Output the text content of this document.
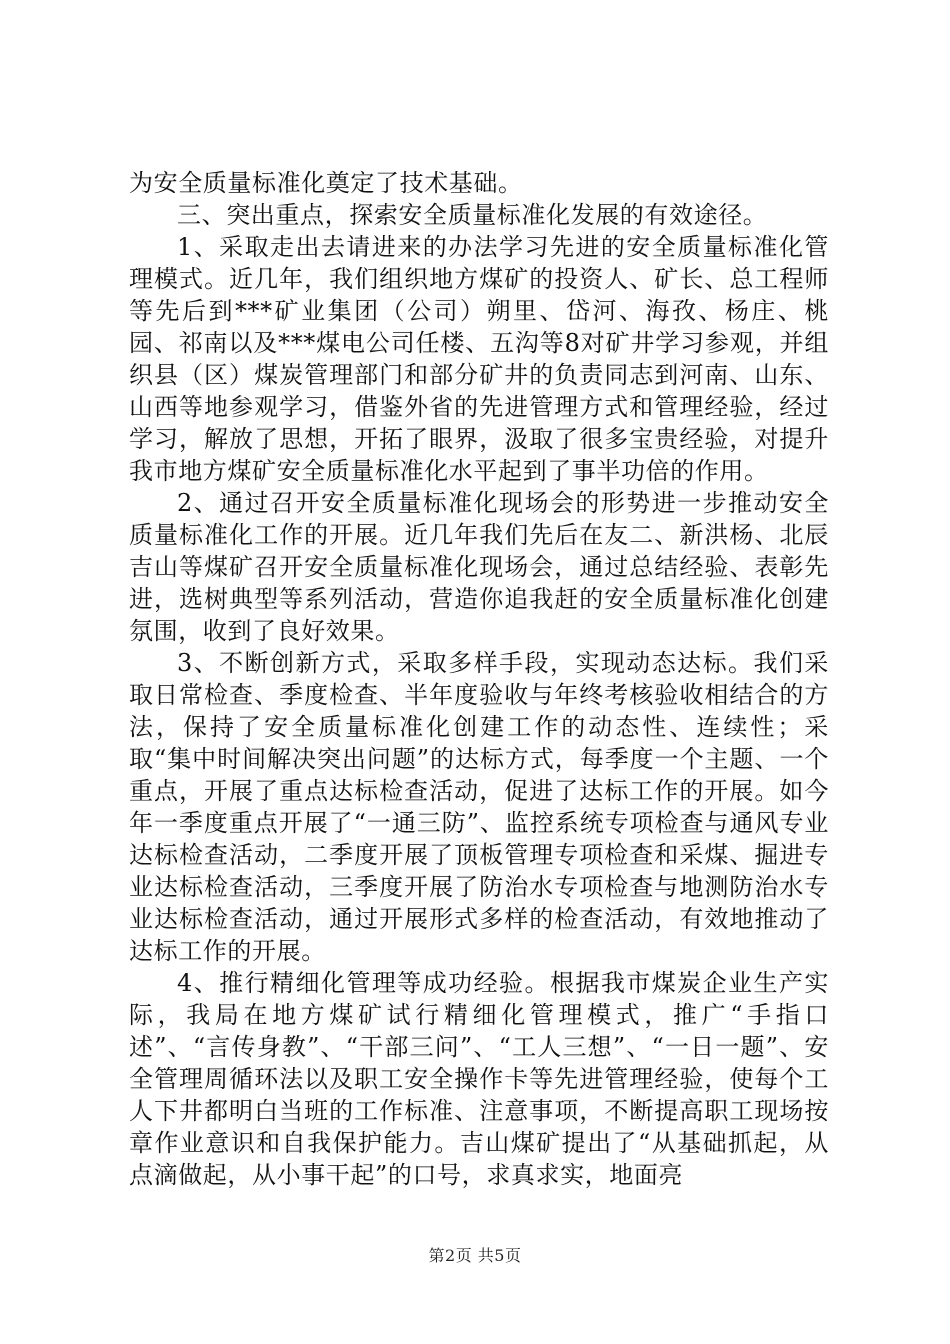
为安全质量标准化奠定了技术基础。

三、突出重点，探索安全质量标准化发展的有效途径。

1、采取走出去请进来的办法学习先进的安全质量标准化管理模式。近几年，我们组织地方煤矿的投资人、矿长、总工程师等先后到***矿业集团（公司）朔里、岱河、海孜、杨庄、桃园、祁南以及***煤电公司任楼、五沟等8对矿井学习参观，并组织县（区）煤炭管理部门和部分矿井的负责同志到河南、山东、山西等地参观学习，借鉴外省的先进管理方式和管理经验，经过学习，解放了思想，开拓了眼界，汲取了很多宝贵经验，对提升我市地方煤矿安全质量标准化水平起到了事半功倍的作用。

2、通过召开安全质量标准化现场会的形势进一步推动安全质量标准化工作的开展。近几年我们先后在友二、新洪杨、北辰吉山等煤矿召开安全质量标准化现场会，通过总结经验、表彰先进，选树典型等系列活动，营造你追我赶的安全质量标准化创建氛围，收到了良好效果。

3、不断创新方式，采取多样手段，实现动态达标。我们采取日常检查、季度检查、半年度验收与年终考核验收相结合的方法，保持了安全质量标准化创建工作的动态性、连续性；采取“集中时间解决突出问题”的达标方式，每季度一个主题、一个重点，开展了重点达标检查活动，促进了达标工作的开展。如今年一季度重点开展了“一通三防”、监控系统专项检查与通风专业达标检查活动，二季度开展了顶板管理专项检查和采煤、掘进专业达标检查活动，三季度开展了防治水专项检查与地测防治水专业达标检查活动，通过开展形式多样的检查活动，有效地推动了达标工作的开展。

4、推行精细化管理等成功经验。根据我市煤炭企业生产实际，我局在地方煤矿试行精细化管理模式，推广“手指口述”、“言传身教”、“干部三问”、“工人三想”、“一日一题”、安全管理周循环法以及职工安全操作卡等先进管理经验，使每个工人下井都明白当班的工作标准、注意事项，不断提高职工现场按章作业意识和自我保护能力。吉山煤矿提出了“从基础抓起，从点滴做起，从小事干起”的口号，求真求实，地面亮

第2页 共5页
